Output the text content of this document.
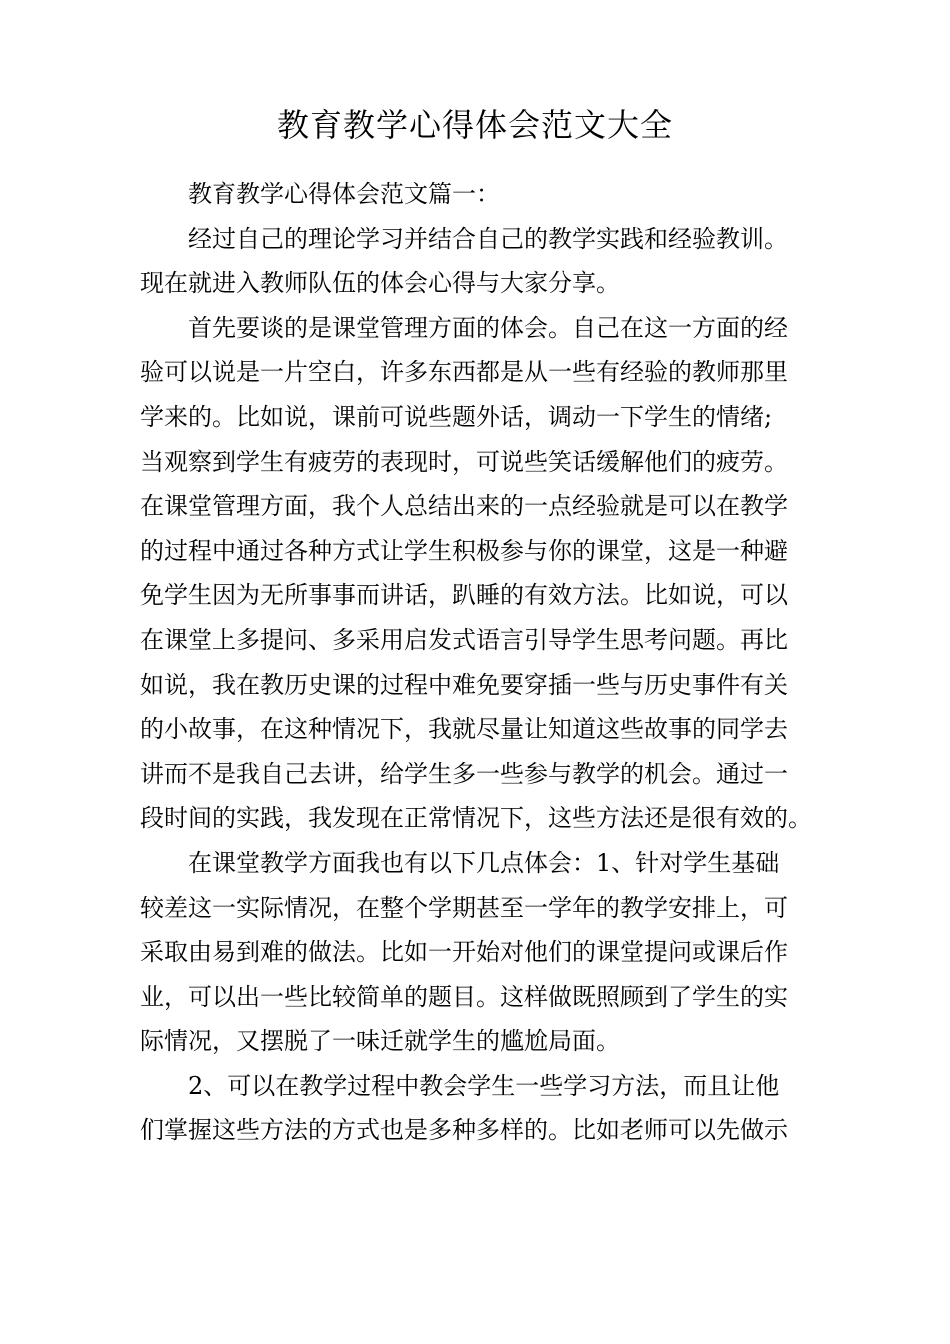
教育教学心得体会范文大全
教育教学心得体会范文篇一：
经过自己的理论学习并结合自己的教学实践和经验教训。
现在就进入教师队伍的体会心得与大家分享。
首先要谈的是课堂管理方面的体会。自己在这一方面的经
验可以说是一片空白，许多东西都是从一些有经验的教师那里
学来的。比如说，课前可说些题外话，调动一下学生的情绪;
当观察到学生有疲劳的表现时，可说些笑话缓解他们的疲劳。
在课堂管理方面，我个人总结出来的一点经验就是可以在教学
的过程中通过各种方式让学生积极参与你的课堂，这是一种避
免学生因为无所事事而讲话，趴睡的有效方法。比如说，可以
在课堂上多提问、多采用启发式语言引导学生思考问题。再比
如说，我在教历史课的过程中难免要穿插一些与历史事件有关
的小故事，在这种情况下，我就尽量让知道这些故事的同学去
讲而不是我自己去讲，给学生多一些参与教学的机会。通过一
段时间的实践，我发现在正常情况下，这些方法还是很有效的。
在课堂教学方面我也有以下几点体会：1、针对学生基础
较差这一实际情况，在整个学期甚至一学年的教学安排上，可
采取由易到难的做法。比如一开始对他们的课堂提问或课后作
业，可以出一些比较简单的题目。这样做既照顾到了学生的实
际情况，又摆脱了一味迁就学生的尴尬局面。
2、可以在教学过程中教会学生一些学习方法，而且让他
们掌握这些方法的方式也是多种多样的。比如老师可以先做示
